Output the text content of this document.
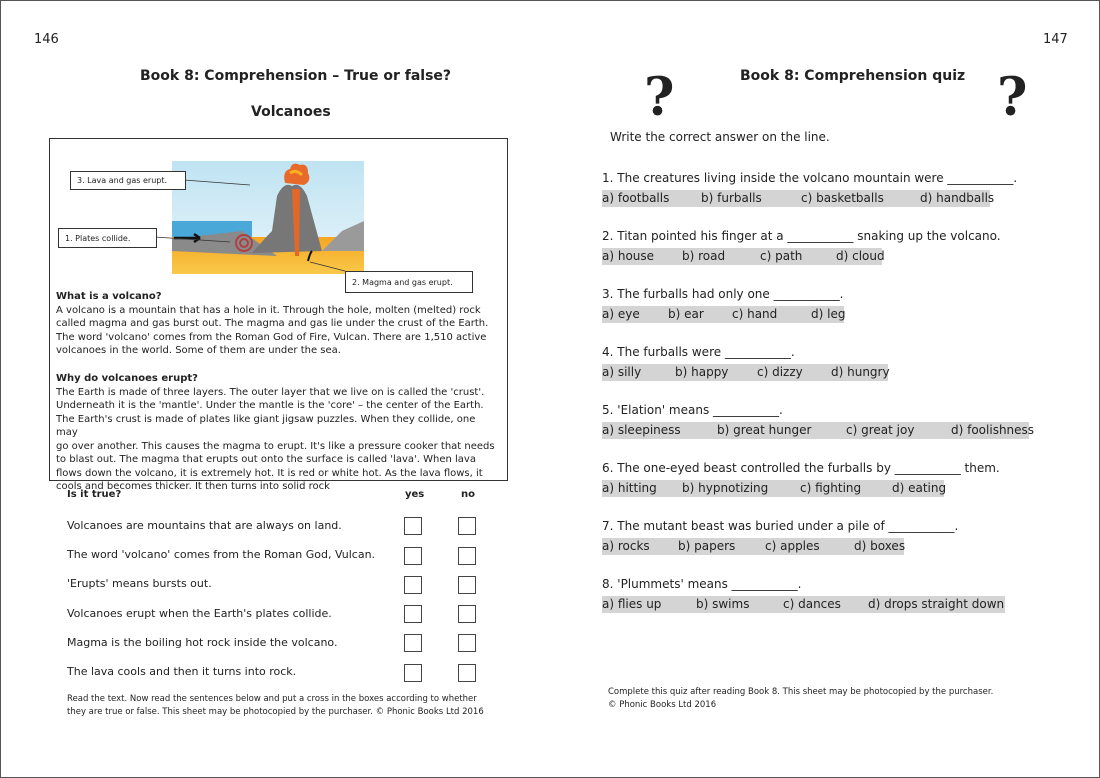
146
Book 8: Comprehension – True or false?
Volcanoes
3. Lava and gas erupt.
1. Plates collide.
2. Magma and gas erupt.
What is a volcano?
A volcano is a mountain that has a hole in it. Through the hole, molten (melted) rock
called magma and gas burst out. The magma and gas lie under the crust of the Earth.
The word 'volcano' comes from the Roman God of Fire, Vulcan. There are 1,510 active
volcanoes in the world. Some of them are under the sea.
Why do volcanoes erupt?
The Earth is made of three layers. The outer layer that we live on is called the 'crust'.
Underneath it is the 'mantle'. Under the mantle is the 'core' – the center of the Earth.
The Earth's crust is made of plates like giant jigsaw puzzles. When they collide, one may
go over another. This causes the magma to erupt. It's like a pressure cooker that needs
to blast out. The magma that erupts out onto the surface is called 'lava'. When lava
flows down the volcano, it is extremely hot. It is red or white hot. As the lava flows, it
cools and becomes thicker. It then turns into solid rock
Is it true?	yes	no
Volcanoes are mountains that are always on land.
The word 'volcano' comes from the Roman God, Vulcan.
'Erupts' means bursts out.
Volcanoes erupt when the Earth's plates collide.
Magma is the boiling hot rock inside the volcano.
The lava cools and then it turns into rock.
Read the text. Now read the sentences below and put a cross in the boxes according to whether
they are true or false. This sheet may be photocopied by the purchaser. © Phonic Books Ltd 2016
147
Book 8: Comprehension quiz
?	?
Write the correct answer on the line.
1. The creatures living inside the volcano mountain were ___________.
a) footballs	b) furballs	c) basketballs	d) handballs
2. Titan pointed his finger at a ___________ snaking up the volcano.
a) house b) road	c) path	d) cloud
3. The furballs had only one ___________.
a) eye b) ear c) hand	d) leg
4. The furballs were ___________.
a) silly	b) happy c) dizzy d) hungry
5. 'Elation' means ___________.
a) sleepiness	b) great hunger	c) great joy	d) foolishness
6. The one-eyed beast controlled the furballs by ___________ them.
a) hitting b) hypnotizing	c) fighting	d) eating
7. The mutant beast was buried under a pile of ___________.
a) rocks b) papers c) apples	d) boxes
8. 'Plummets' means ___________.
a) flies up	b) swims	c) dances d) drops straight down
Complete this quiz after reading Book 8. This sheet may be photocopied by the purchaser.
© Phonic Books Ltd 2016
